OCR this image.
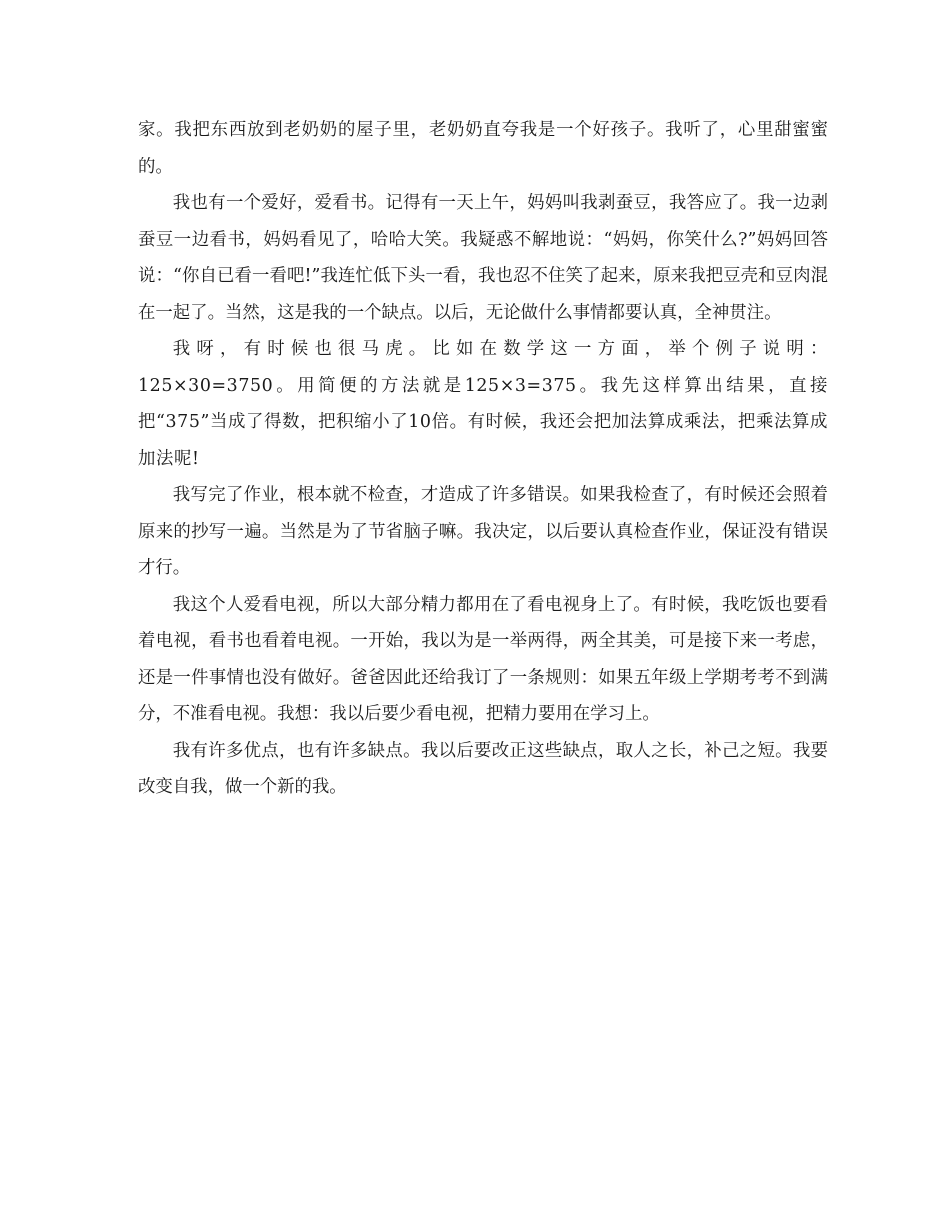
家。我把东西放到老奶奶的屋子里，老奶奶直夸我是一个好孩子。我听了，心里甜蜜蜜的。

我也有一个爱好，爱看书。记得有一天上午，妈妈叫我剥蚕豆，我答应了。我一边剥蚕豆一边看书，妈妈看见了，哈哈大笑。我疑惑不解地说：“妈妈，你笑什么?”妈妈回答说：“你自已看一看吧!”我连忙低下头一看，我也忍不住笑了起来，原来我把豆壳和豆肉混在一起了。当然，这是我的一个缺点。以后，无论做什么事情都要认真，全神贯注。

我呀，有时候也很马虎。比如在数学这一方面，举个例子说明：125×30=3750。用简便的方法就是125×3=375。我先这样算出结果，直接把“375”当成了得数，把积缩小了10倍。有时候，我还会把加法算成乘法，把乘法算成加法呢!

我写完了作业，根本就不检查，才造成了许多错误。如果我检查了，有时候还会照着原来的抄写一遍。当然是为了节省脑子嘛。我决定，以后要认真检查作业，保证没有错误才行。

我这个人爱看电视，所以大部分精力都用在了看电视身上了。有时候，我吃饭也要看着电视，看书也看着电视。一开始，我以为是一举两得，两全其美，可是接下来一考虑，还是一件事情也没有做好。爸爸因此还给我订了一条规则：如果五年级上学期考考不到满分，不准看电视。我想：我以后要少看电视，把精力要用在学习上。

我有许多优点，也有许多缺点。我以后要改正这些缺点，取人之长，补己之短。我要改变自我，做一个新的我。
